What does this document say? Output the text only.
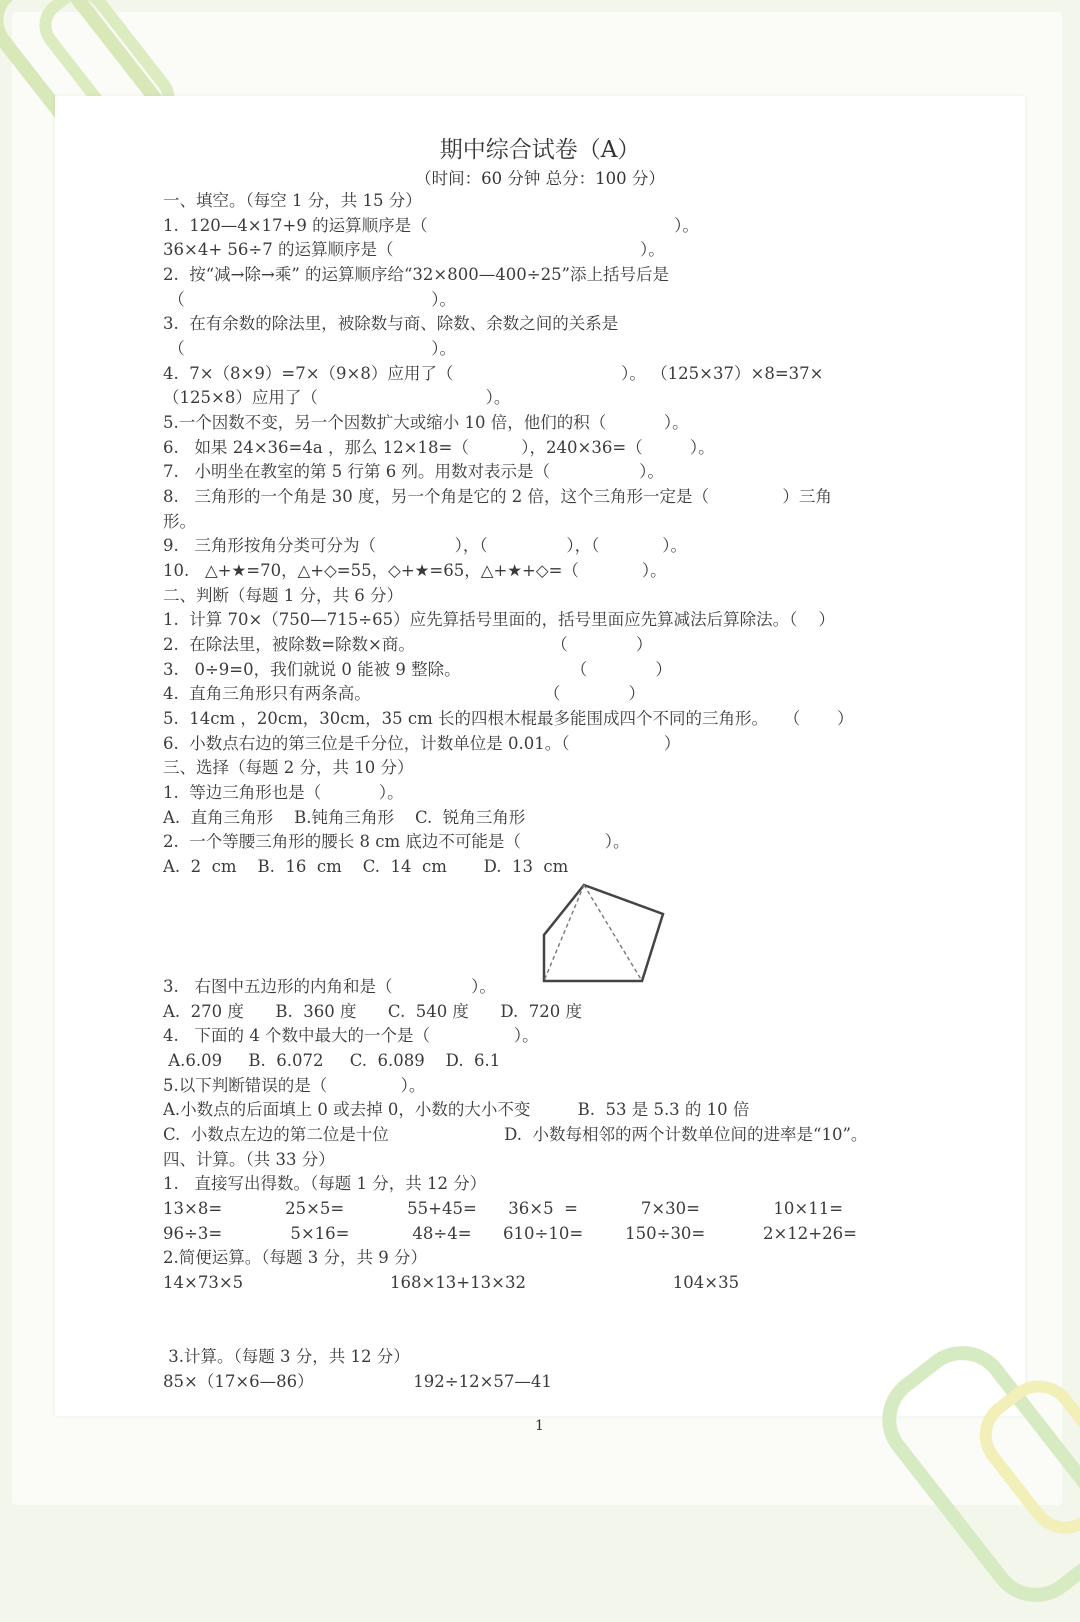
期中综合试卷（A）
（时间：60 分钟 总分：100 分）
一、填空。（每空 1 分，共 15 分）
1.  120—4×17+9 的运算顺序是（                                               ）。
36×4+ 56÷7 的运算顺序是（                                               ）。
2.  按“减→除→乘” 的运算顺序给“32×800—400÷25”添上括号后是
（                                               ）。
3.  在有余数的除法里，被除数与商、除数、余数之间的关系是
（                                               ）。
4.  7×（8×9）=7×（9×8）应用了（                                ）。 （125×37）×8=37×
（125×8）应用了（                                ）。
5.一个因数不变，另一个因数扩大或缩小 10 倍，他们的积（           ）。
6.   如果 24×36=4a ，那么 12×18=（          ），240×36=（         ）。
7.   小明坐在教室的第 5 行第 6 列。用数对表示是（                 ）。
8.   三角形的一个角是 30 度，另一个角是它的 2 倍，这个三角形一定是（              ）三角
形。
9.   三角形按角分类可分为（               ），（               ），（            ）。
10.   △+★=70，△+◇=55，◇+★=65，△+★+◇=（            ）。
二、判断（每题 1 分，共 6 分）
1.  计算 70×（750—715÷65）应先算括号里面的，括号里面应先算减法后算除法。（    ）
2.  在除法里，被除数=除数×商。                          （             ）
3.   0÷9=0，我们就说 0 能被 9 整除。                     （             ）
4.  直角三角形只有两条高。                                 （             ）
5.  14cm ，20cm，30cm，35 cm 长的四根木棍最多能围成四个不同的三角形。   （       ）
6.  小数点右边的第三位是千分位，计数单位是 0.01。（                  ）
三、选择（每题 2 分，共 10 分）
1.  等边三角形也是（           ）。
A.  直角三角形    B.钝角三角形    C.  锐角三角形
2.  一个等腰三角形的腰长 8 cm 底边不可能是（                ）。
A.  2  cm    B.  16  cm    C.  14  cm       D.  13  cm
3.   右图中五边形的内角和是（               ）。
A.  270 度      B.  360 度      C.  540 度      D.  720 度
4.   下面的 4 个数中最大的一个是（                ）。
A.6.09     B.  6.072     C.  6.089    D.  6.1
5.以下判断错误的是（              ）。
A.小数点的后面填上 0 或去掉 0，小数的大小不变         B.  53 是 5.3 的 10 倍
C.  小数点左边的第二位是十位                      D.  小数每相邻的两个计数单位间的进率是“10”。
四、计算。（共 33 分）
1.   直接写出得数。（每题 1 分，共 12 分）
13×8=            25×5=            55+45=      36×5  =            7×30=              10×11=
96÷3=             5×16=            48÷4=      610÷10=        150÷30=           2×12+26=
2.简便运算。（每题 3 分，共 9 分）
14×73×5                            168×13+13×32                            104×35
3.计算。（每题 3 分，共 12 分）
85×（17×6—86）                   192÷12×57—41
1
